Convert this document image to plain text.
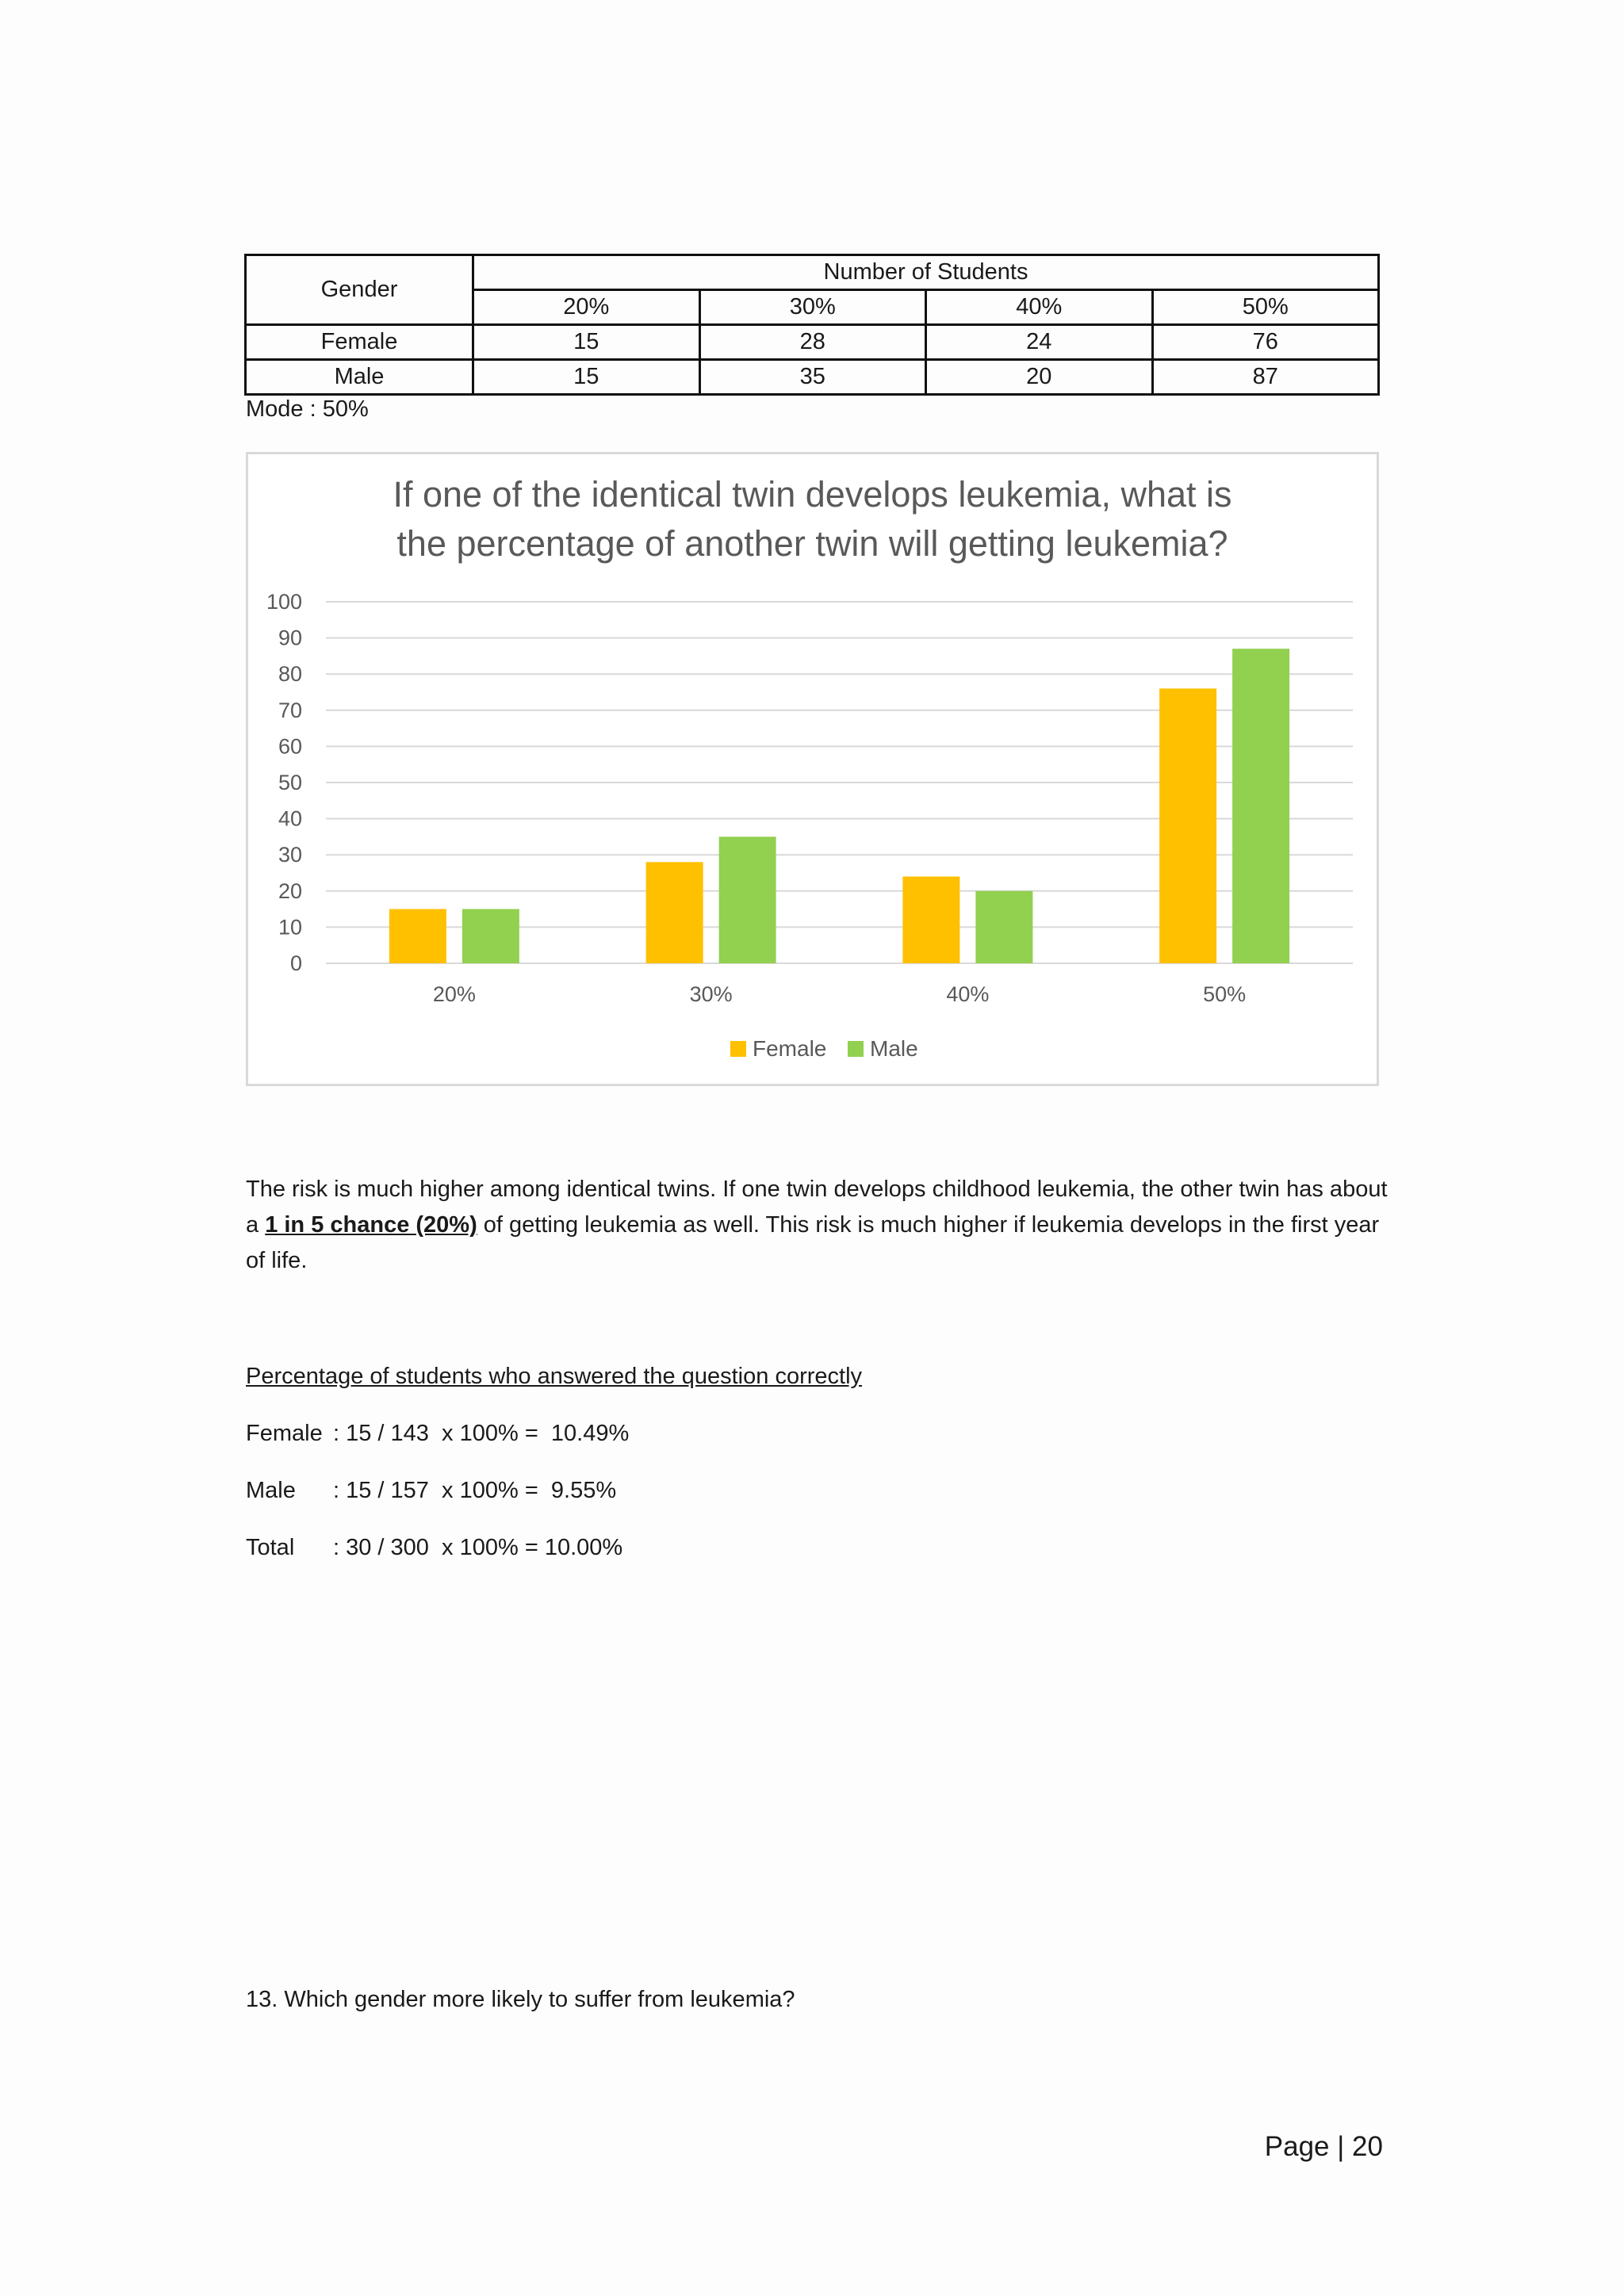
Gender	Number of Students			
	20%	30%	40%	50%
Female	15	28	24	76
Male	15	35	20	87
Mode : 50%
If one of the identical twin develops leukemia, what is
the percentage of another twin will getting leukemia?
0
10
20
30
40
50
60
70
80
90
100
20%	30%	40%	50%
Female Male
The risk is much higher among identical twins. If one twin develops childhood leukemia, the other twin has about a 1 in 5 chance (20%) of getting leukemia as well. This risk is much higher if leukemia develops in the first year of life.
Percentage of students who answered the question correctly
Female : 15 / 143  x 100% =  10.49%
Male : 15 / 157  x 100% =  9.55%
Total : 30 / 300  x 100% = 10.00%
13. Which gender more likely to suffer from leukemia?
Page | 20
